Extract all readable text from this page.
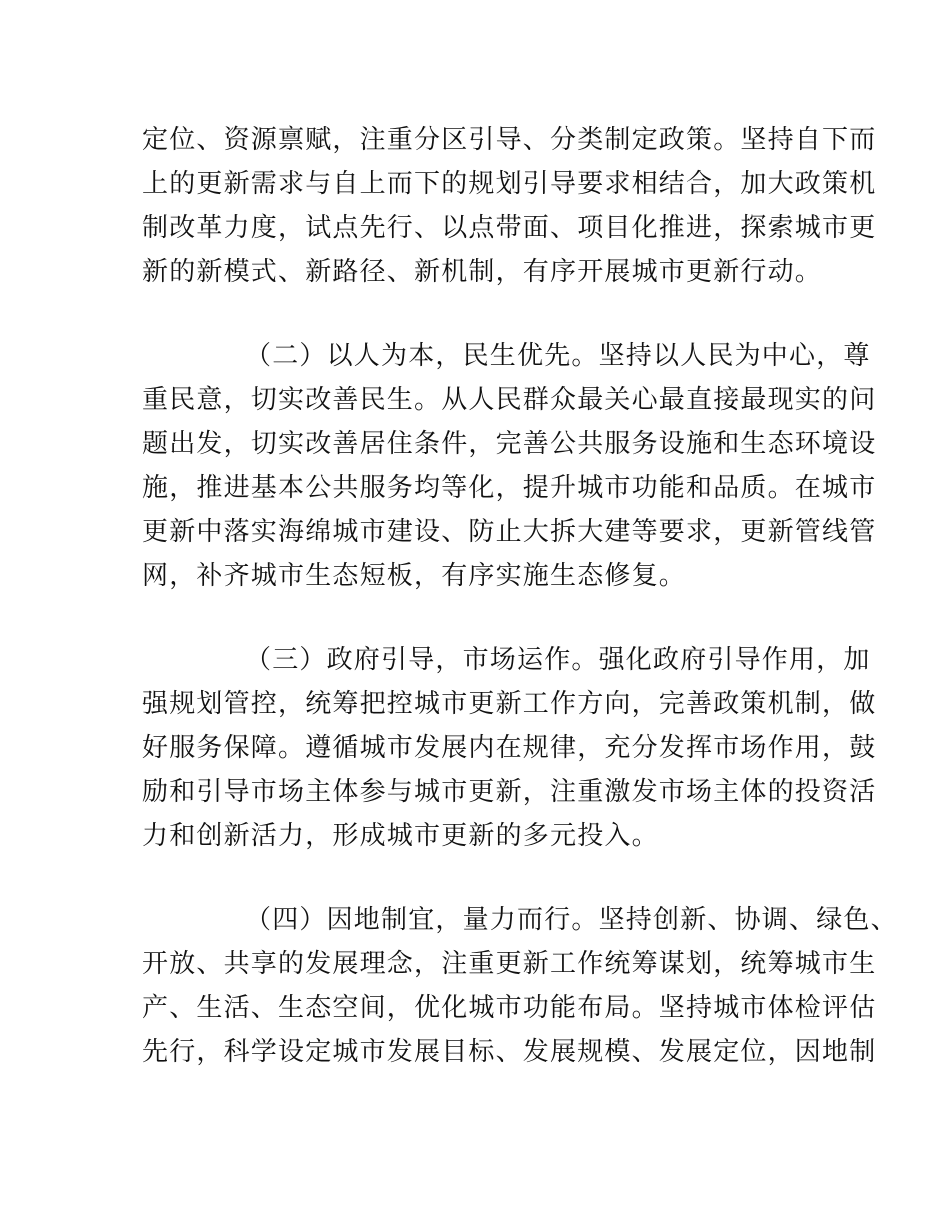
定位、资源禀赋，注重分区引导、分类制定政策。坚持自下而
上的更新需求与自上而下的规划引导要求相结合，加大政策机
制改革力度，试点先行、以点带面、项目化推进，探索城市更
新的新模式、新路径、新机制，有序开展城市更新行动。
（二）以人为本，民生优先。坚持以人民为中心，尊
重民意，切实改善民生。从人民群众最关心最直接最现实的问
题出发，切实改善居住条件，完善公共服务设施和生态环境设
施，推进基本公共服务均等化，提升城市功能和品质。在城市
更新中落实海绵城市建设、防止大拆大建等要求，更新管线管
网，补齐城市生态短板，有序实施生态修复。
（三）政府引导，市场运作。强化政府引导作用，加
强规划管控，统筹把控城市更新工作方向，完善政策机制，做
好服务保障。遵循城市发展内在规律，充分发挥市场作用，鼓
励和引导市场主体参与城市更新，注重激发市场主体的投资活
力和创新活力，形成城市更新的多元投入。
（四）因地制宜，量力而行。坚持创新、协调、绿色、
开放、共享的发展理念，注重更新工作统筹谋划，统筹城市生
产、生活、生态空间，优化城市功能布局。坚持城市体检评估
先行，科学设定城市发展目标、发展规模、发展定位，因地制
